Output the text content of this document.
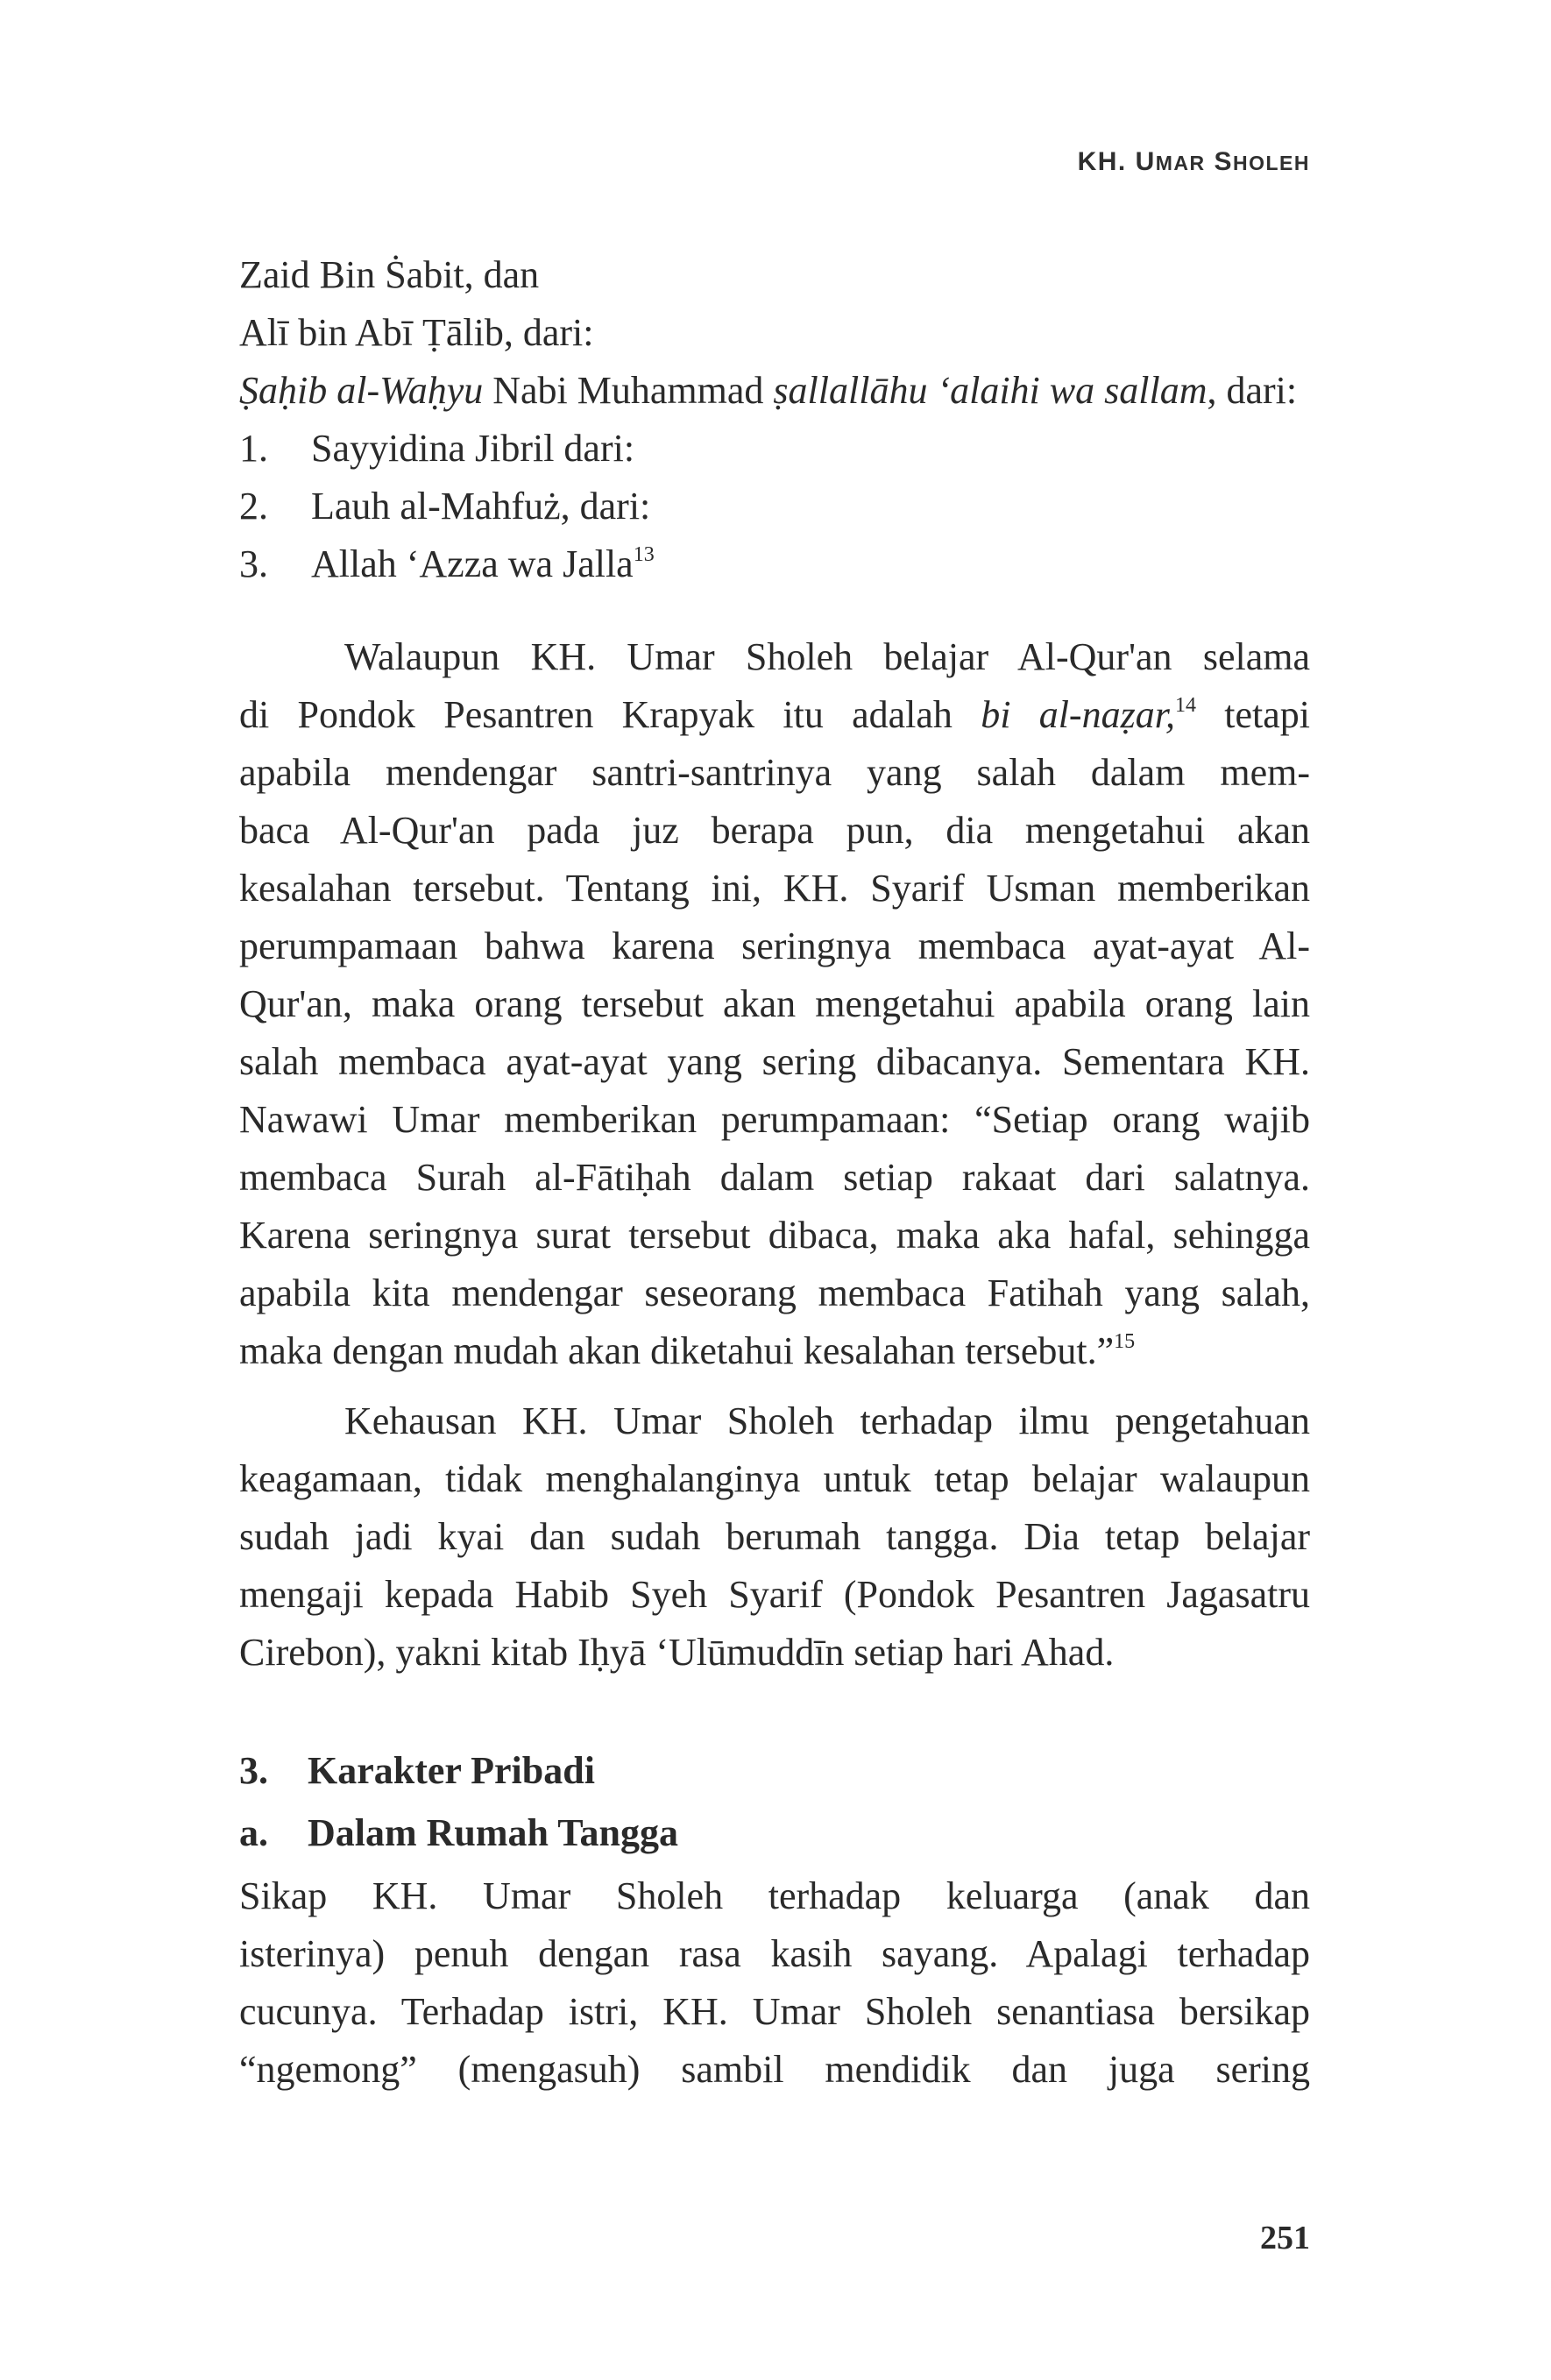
KH. UMAR SHOLEH
Zaid Bin Ṡabit, dan
Alī bin Abī Ṭālib, dari:
Ṣaḥib al-Waḥyu Nabi Muhammad ṣallallāhu ‘alaihi wa sallam, dari:
1. Sayyidina Jibril dari:
2. Lauh al-Mahfuż, dari:
3. Allah ‘Azza wa Jalla$^{13}$
Walaupun KH. Umar Sholeh belajar Al-Qur'an selama
di Pondok Pesantren Krapyak itu adalah bi al-naẓar,$^{14}$ tetapi
apabila mendengar santri-santrinya yang salah dalam mem-
baca Al-Qur'an pada juz berapa pun, dia mengetahui akan
kesalahan tersebut. Tentang ini, KH. Syarif Usman memberikan
perumpamaan bahwa karena seringnya membaca ayat-ayat Al-
Qur'an, maka orang tersebut akan mengetahui apabila orang lain
salah membaca ayat-ayat yang sering dibacanya. Sementara KH.
Nawawi Umar memberikan perumpamaan: “Setiap orang wajib
membaca Surah al-Fātiḥah dalam setiap rakaat dari salatnya.
Karena seringnya surat tersebut dibaca, maka aka hafal, sehingga
apabila kita mendengar seseorang membaca Fatihah yang salah,
maka dengan mudah akan diketahui kesalahan tersebut.”$^{15}$
Kehausan KH. Umar Sholeh terhadap ilmu pengetahuan
keagamaan, tidak menghalanginya untuk tetap belajar walaupun
sudah jadi kyai dan sudah berumah tangga. Dia tetap belajar
mengaji kepada Habib Syeh Syarif (Pondok Pesantren Jagasatru
Cirebon), yakni kitab Iḥyā ‘Ulūmuddīn setiap hari Ahad.
3. Karakter Pribadi
a. Dalam Rumah Tangga
Sikap KH. Umar Sholeh terhadap keluarga (anak dan
isterinya) penuh dengan rasa kasih sayang. Apalagi terhadap
cucunya. Terhadap istri, KH. Umar Sholeh senantiasa bersikap
“ngemong” (mengasuh) sambil mendidik dan juga sering
251
